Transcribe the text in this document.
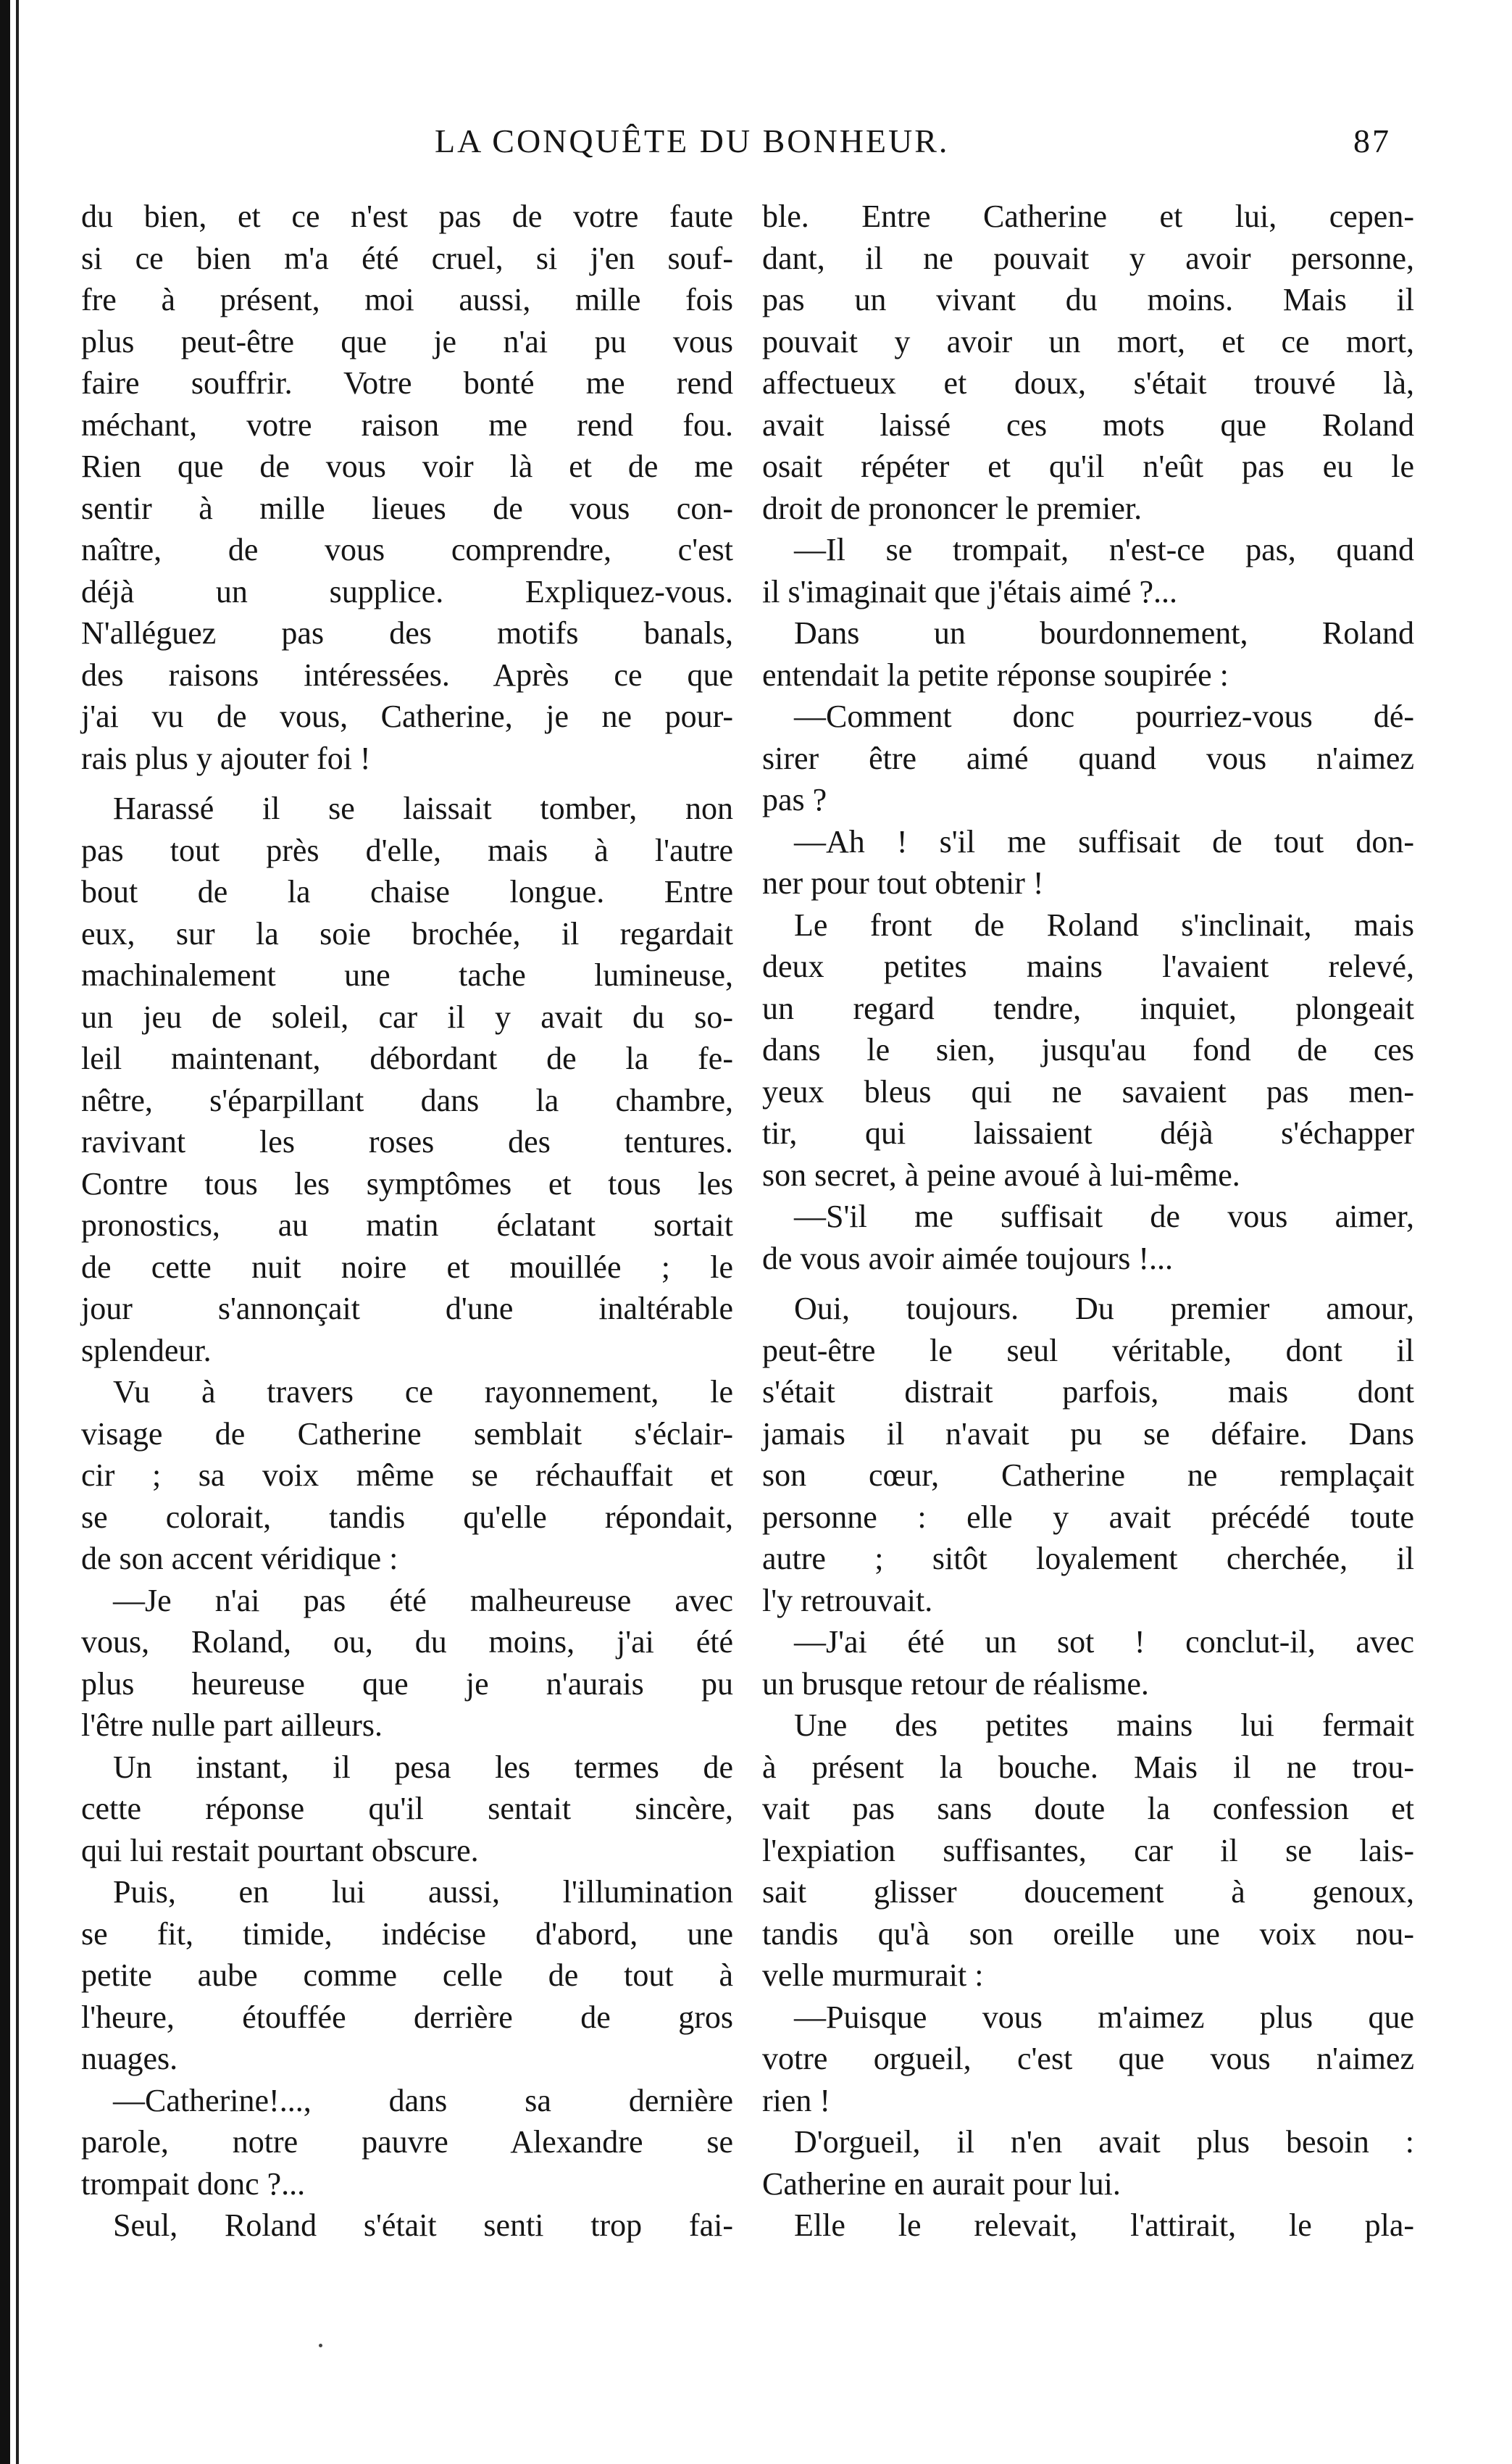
LA CONQUÊTE DU BONHEUR.	87

du bien, et ce n'est pas de votre faute

si ce bien m'a été cruel, si j'en souf-

fre à présent, moi aussi, mille fois

plus peut-être que je n'ai pu vous

faire souffrir. Votre bonté me rend

méchant, votre raison me rend fou.

Rien que de vous voir là et de me

sentir à mille lieues de vous con-

naître, de vous comprendre, c'est

déjà un supplice. Expliquez-vous.

N'alléguez pas des motifs banals,

des raisons intéressées. Après ce que

j'ai vu de vous, Catherine, je ne pour-

rais plus y ajouter foi !

Harassé il se laissait tomber, non

pas tout près d'elle, mais à l'autre

bout de la chaise longue. Entre

eux, sur la soie brochée, il regardait

machinalement une tache lumineuse,

un jeu de soleil, car il y avait du so-

leil maintenant, débordant de la fe-

nêtre, s'éparpillant dans la chambre,

ravivant les roses des tentures.

Contre tous les symptômes et tous les

pronostics, au matin éclatant sortait

de cette nuit noire et mouillée ; le

jour s'annonçait d'une inaltérable

splendeur.

Vu à travers ce rayonnement, le

visage de Catherine semblait s'éclair-

cir ; sa voix même se réchauffait et

se colorait, tandis qu'elle répondait,

de son accent véridique :

—Je n'ai pas été malheureuse avec

vous, Roland, ou, du moins, j'ai été

plus heureuse que je n'aurais pu

l'être nulle part ailleurs.

Un instant, il pesa les termes de

cette réponse qu'il sentait sincère,

qui lui restait pourtant obscure.

Puis, en lui aussi, l'illumination

se fit, timide, indécise d'abord, une

petite aube comme celle de tout à

l'heure, étouffée derrière de gros

nuages.

—Catherine!..., dans sa dernière

parole, notre pauvre Alexandre se

trompait donc ?...

Seul, Roland s'était senti trop fai-

ble. Entre Catherine et lui, cepen-

dant, il ne pouvait y avoir personne,

pas un vivant du moins. Mais il

pouvait y avoir un mort, et ce mort,

affectueux et doux, s'était trouvé là,

avait laissé ces mots que Roland

osait répéter et qu'il n'eût pas eu le

droit de prononcer le premier.

—Il se trompait, n'est-ce pas, quand

il s'imaginait que j'étais aimé ?...

Dans un bourdonnement, Roland

entendait la petite réponse soupirée :

—Comment donc pourriez-vous dé-

sirer être aimé quand vous n'aimez

pas ?

—Ah ! s'il me suffisait de tout don-

ner pour tout obtenir !

Le front de Roland s'inclinait, mais

deux petites mains l'avaient relevé,

un regard tendre, inquiet, plongeait

dans le sien, jusqu'au fond de ces

yeux bleus qui ne savaient pas men-

tir, qui laissaient déjà s'échapper

son secret, à peine avoué à lui-même.

—S'il me suffisait de vous aimer,

de vous avoir aimée toujours !...

Oui, toujours. Du premier amour,

peut-être le seul véritable, dont il

s'était distrait parfois, mais dont

jamais il n'avait pu se défaire. Dans

son cœur, Catherine ne remplaçait

personne : elle y avait précédé toute

autre ; sitôt loyalement cherchée, il

l'y retrouvait.

—J'ai été un sot ! conclut-il, avec

un brusque retour de réalisme.

Une des petites mains lui fermait

à présent la bouche. Mais il ne trou-

vait pas sans doute la confession et

l'expiation suffisantes, car il se lais-

sait glisser doucement à genoux,

tandis qu'à son oreille une voix nou-

velle murmurait :

—Puisque vous m'aimez plus que

votre orgueil, c'est que vous n'aimez

rien !

D'orgueil, il n'en avait plus besoin :

Catherine en aurait pour lui.

Elle le relevait, l'attirait, le pla-
